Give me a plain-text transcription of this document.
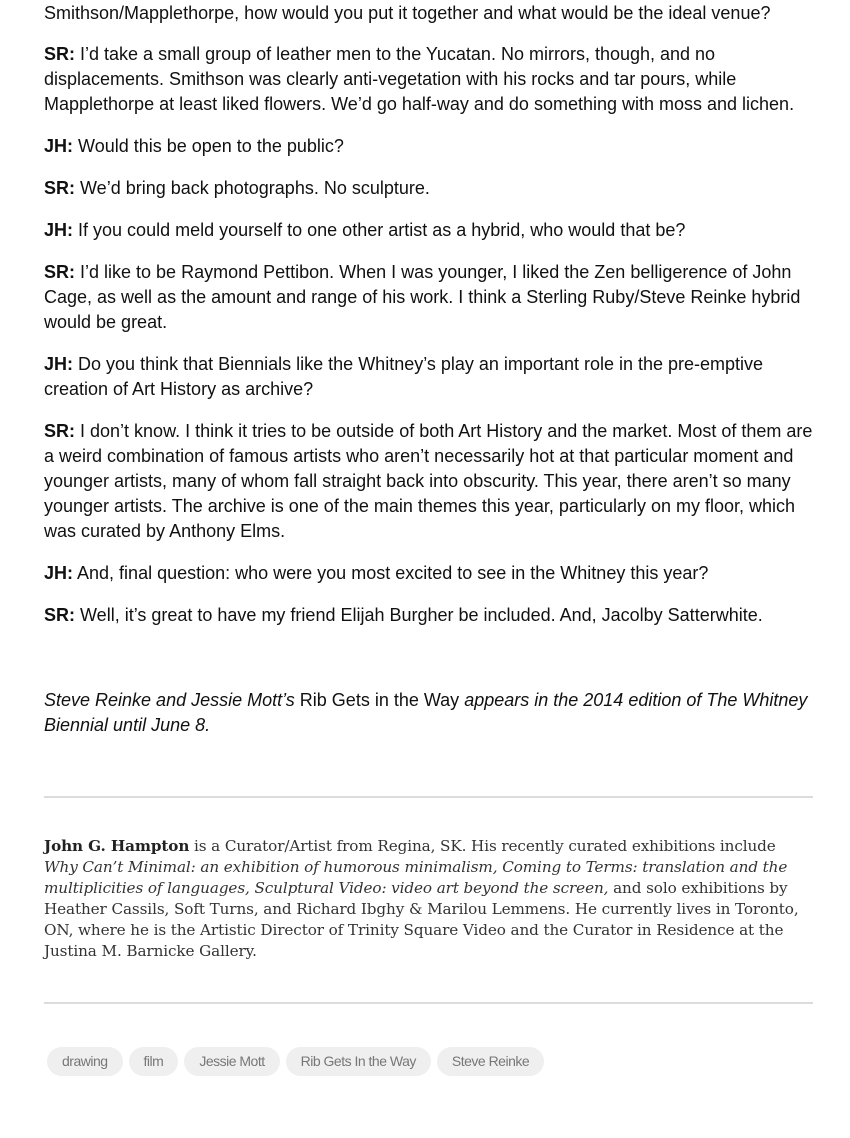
Smithson/Mapplethorpe, how would you put it together and what would be the ideal venue?

SR: I’d take a small group of leather men to the Yucatan. No mirrors, though, and no displacements. Smithson was clearly anti-vegetation with his rocks and tar pours, while Mapplethorpe at least liked flowers. We’d go half-way and do something with moss and lichen.

JH: Would this be open to the public?

SR: We’d bring back photographs. No sculpture.

JH: If you could meld yourself to one other artist as a hybrid, who would that be?

SR: I’d like to be Raymond Pettibon. When I was younger, I liked the Zen belligerence of John Cage, as well as the amount and range of his work. I think a Sterling Ruby/Steve Reinke hybrid would be great.

JH: Do you think that Biennials like the Whitney’s play an important role in the pre-emptive creation of Art History as archive?

SR: I don’t know. I think it tries to be outside of both Art History and the market. Most of them are a weird combination of famous artists who aren’t necessarily hot at that particular moment and younger artists, many of whom fall straight back into obscurity. This year, there aren’t so many younger artists. The archive is one of the main themes this year, particularly on my floor, which was curated by Anthony Elms.

JH: And, final question: who were you most excited to see in the Whitney this year?

SR: Well, it’s great to have my friend Elijah Burgher be included. And, Jacolby Satterwhite.

Steve Reinke and Jessie Mott’s Rib Gets in the Way appears in the 2014 edition of The Whitney Biennial until June 8.

John G. Hampton is a Curator/Artist from Regina, SK. His recently curated exhibitions include Why Can’t Minimal: an exhibition of humorous minimalism, Coming to Terms: translation and the multiplicities of languages, Sculptural Video: video art beyond the screen, and solo exhibitions by Heather Cassils, Soft Turns, and Richard Ibghy & Marilou Lemmens. He currently lives in Toronto, ON, where he is the Artistic Director of Trinity Square Video and the Curator in Residence at the Justina M. Barnicke Gallery.

drawing	film	Jessie Mott	Rib Gets In the Way	Steve Reinke
